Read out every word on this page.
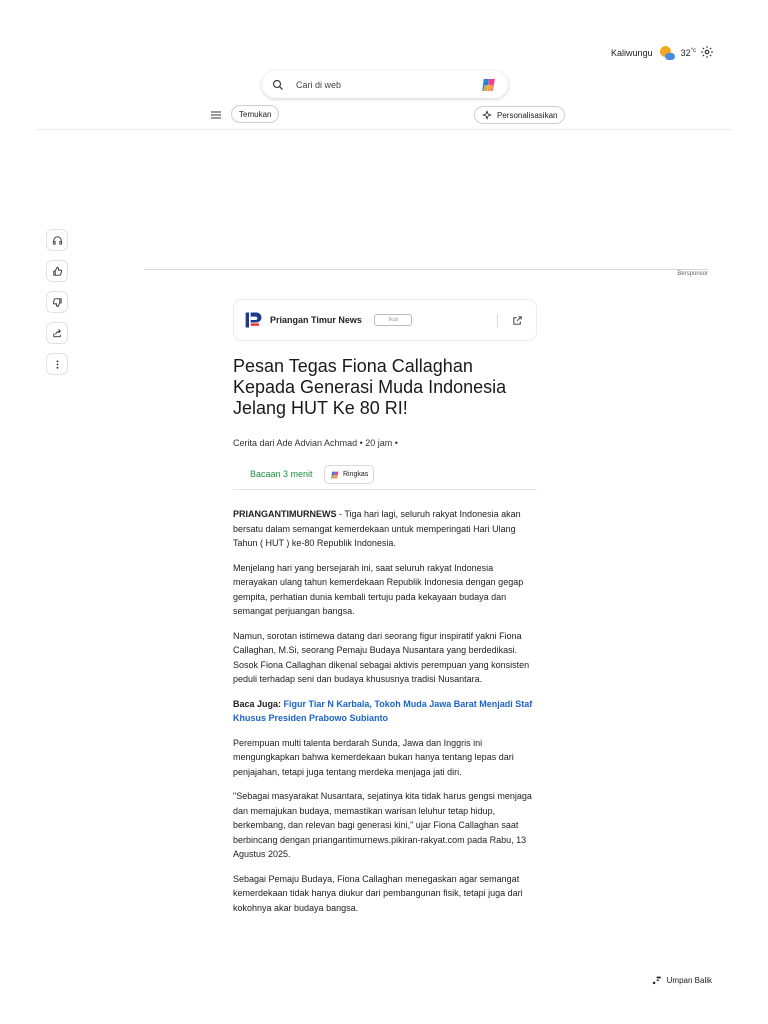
Kaliwungu	$32^{^\circ c}$
Cari di web
Temukan	Personalisasikan
Bersponsor
Priangan Timur News	Ikuti
Pesan Tegas Fiona Callaghan Kepada Generasi Muda Indonesia Jelang HUT Ke 80 RI!
Cerita dari Ade Advian Achmad • 20 jam •
Bacaan 3 menit	Ringkas

PRIANGANTIMURNEWS - Tiga hari lagi, seluruh rakyat Indonesia akan bersatu dalam semangat kemerdekaan untuk memperingati Hari Ulang Tahun ( HUT ) ke-80 Republik Indonesia.

Menjelang hari yang bersejarah ini, saat seluruh rakyat Indonesia merayakan ulang tahun kemerdekaan Republik Indonesia dengan gegap gempita, perhatian dunia kembali tertuju pada kekayaan budaya dan semangat perjuangan bangsa.

Namun, sorotan istimewa datang dari seorang figur inspiratif yakni Fiona Callaghan, M.Si, seorang Pemaju Budaya Nusantara yang berdedikasi. Sosok Fiona Callaghan dikenal sebagai aktivis perempuan yang konsisten peduli terhadap seni dan budaya khususnya tradisi Nusantara.

Baca Juga: Figur Tiar N Karbala, Tokoh Muda Jawa Barat Menjadi Staf Khusus Presiden Prabowo Subianto

Perempuan multi talenta berdarah Sunda, Jawa dan Inggris ini mengungkapkan bahwa kemerdekaan bukan hanya tentang lepas dari penjajahan, tetapi juga tentang merdeka menjaga jati diri.

"Sebagai masyarakat Nusantara, sejatinya kita tidak harus gengsi menjaga dan memajukan budaya, memastikan warisan leluhur tetap hidup, berkembang, dan relevan bagi generasi kini," ujar Fiona Callaghan saat berbincang dengan priangantimurnews.pikiran-rakyat.com pada Rabu, 13 Agustus 2025.

Sebagai Pemaju Budaya, Fiona Callaghan menegaskan agar semangat kemerdekaan tidak hanya diukur dari pembangunan fisik, tetapi juga dari kokohnya akar budaya bangsa.

Umpan Balik
